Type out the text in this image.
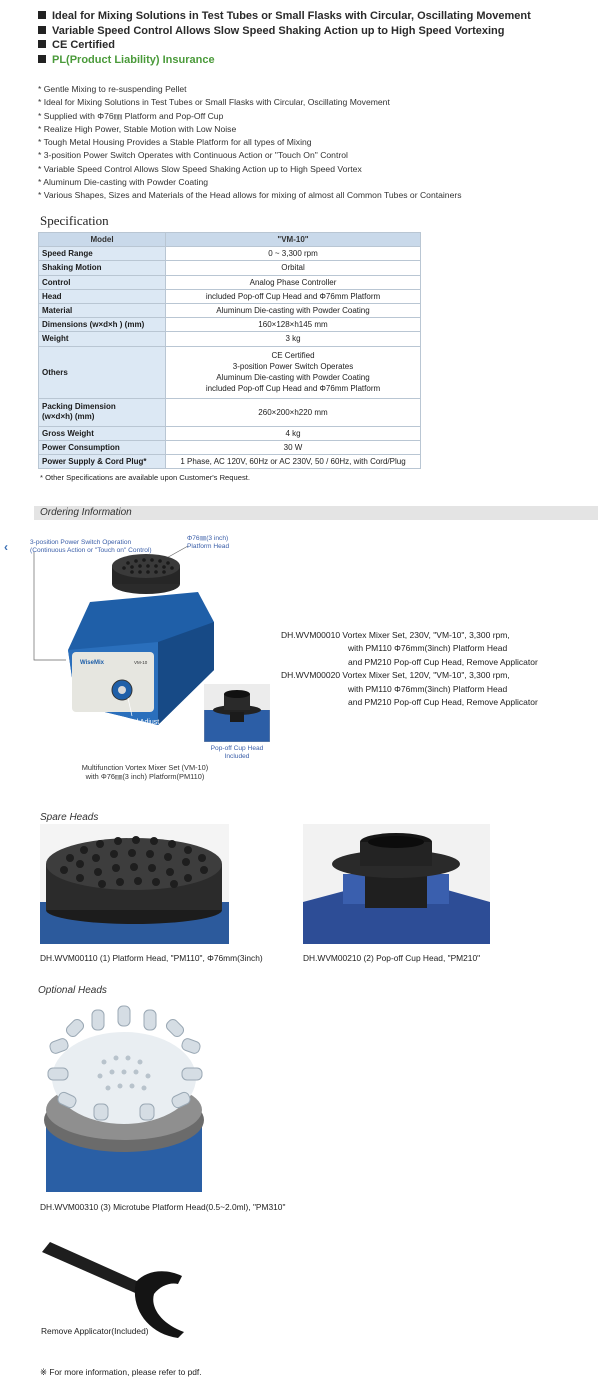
Ideal for Mixing Solutions in Test Tubes or Small Flasks with Circular, Oscillating Movement
Variable Speed Control Allows Slow Speed Shaking Action up to High Speed Vortexing
CE Certified
PL(Product Liability) Insurance
* Gentle Mixing to re-suspending Pellet
* Ideal for Mixing Solutions in Test Tubes or Small Flasks with Circular, Oscillating Movement
* Supplied with Φ76㎜ Platform and Pop-Off Cup
* Realize High Power, Stable Motion with Low Noise
* Tough Metal Housing Provides a Stable Platform for all types of Mixing
* 3-position Power Switch Operates with Continuous Action or "Touch On" Control
* Variable Speed Control Allows Slow Speed Shaking Action up to High Speed Vortex
* Aluminum Die-casting with Powder Coating
* Various Shapes, Sizes and Materials of the Head allows for mixing of almost all Common Tubes or Containers
Specification
Model	"VM-10"
Speed Range	0 ~ 3,300 rpm
Shaking Motion	Orbital
Control	Analog Phase Controller
Head	included Pop-off Cup Head and Φ76mm Platform
Material	Aluminum Die-casting with Powder Coating
Dimensions (w×d×h ) (mm)	160×128×h145 mm
Weight	3 kg
Others	CE Certified
3-position Power Switch Operates
Aluminum Die-casting with Powder Coating
included Pop-off Cup Head and Φ76mm Platform

Packing Dimension
(w×d×h) (mm)	260×200×h220 mm
Gross Weight	4 kg
Power Consumption	30 W
Power Supply & Cord Plug*	1 Phase, AC 120V, 60Hz or AC 230V, 50 / 60Hz, with Cord/Plug
* Other Specifications are available upon Customer's Request.
Ordering Information
‹
WiseMix	VM-10
3-position Power Switch Operation
(Continuous Action or "Touch on" Control)
Φ76㎜(3 inch)
Platform Head
Speed Adjust
Pop-off Cup Head
Included
Multifunction Vortex Mixer Set (VM-10)
with Φ76㎜(3 inch) Platform(PM110)
DH.WVM00010 Vortex Mixer Set, 230V, "VM-10", 3,300 rpm,
with PM110 Φ76mm(3inch) Platform Head
and PM210 Pop-off Cup Head, Remove Applicator
DH.WVM00020 Vortex Mixer Set, 120V, "VM-10", 3,300 rpm,
with PM110 Φ76mm(3inch) Platform Head
and PM210 Pop-off Cup Head, Remove Applicator
Spare Heads
DH.WVM00110 (1) Platform Head, "PM110", Φ76mm(3inch)	DH.WVM00210 (2) Pop-off Cup Head, "PM210"
Optional Heads
DH.WVM00310 (3) Microtube Platform Head(0.5~2.0ml), "PM310"
Remove Applicator(Included)
※ For more information, please refer to pdf.
